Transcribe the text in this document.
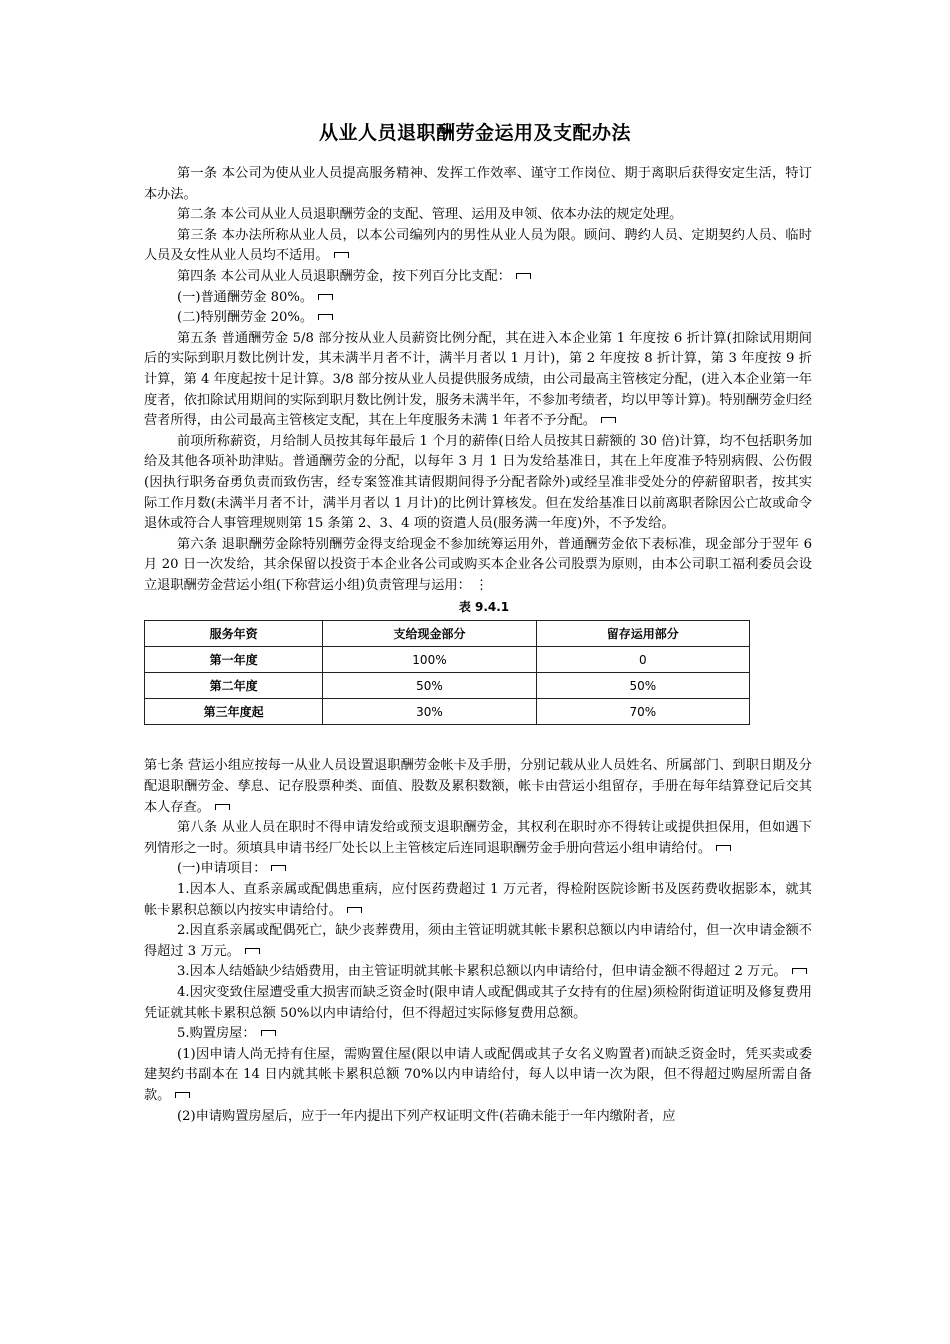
从业人员退职酬劳金运用及支配办法

第一条 本公司为使从业人员提高服务精神、发挥工作效率、谨守工作岗位、期于离职后获得安定生活，特订本办法。

第二条 本公司从业人员退职酬劳金的支配、管理、运用及申领、依本办法的规定处理。

第三条 本办法所称从业人员，以本公司编列内的男性从业人员为限。顾问、聘约人员、定期契约人员、临时人员及女性从业人员均不适用。

第四条 本公司从业人员退职酬劳金，按下列百分比支配：

(一)普通酬劳金 80%。

(二)特别酬劳金 20%。

第五条 普通酬劳金 5/8 部分按从业人员薪资比例分配，其在进入本企业第 1 年度按 6 折计算(扣除试用期间后的实际到职月数比例计发，其未满半月者不计，满半月者以 1 月计)，第 2 年度按 8 折计算，第 3 年度按 9 折计算，第 4 年度起按十足计算。3/8 部分按从业人员提供服务成绩，由公司最高主管核定分配，(进入本企业第一年度者，依扣除试用期间的实际到职月数比例计发，服务未满半年，不参加考绩者，均以甲等计算)。特别酬劳金归经营者所得，由公司最高主管核定支配，其在上年度服务未满 1 年者不予分配。

前项所称薪资，月给制人员按其每年最后 1 个月的薪俸(日给人员按其日薪额的 30 倍)计算，均不包括职务加给及其他各项补助津贴。普通酬劳金的分配，以每年 3 月 1 日为发给基准日，其在上年度准予特别病假、公伤假(因执行职务奋勇负责而致伤害，经专案签准其请假期间得予分配者除外)或经呈准非受处分的停薪留职者，按其实际工作月数(未满半月者不计，满半月者以 1 月计)的比例计算核发。但在发给基准日以前离职者除因公亡故或命令退休或符合人事管理规则第 15 条第 2、3、4 项的资遣人员(服务满一年度)外，不予发给。

第六条 退职酬劳金除特别酬劳金得支给现金不参加统筹运用外，普通酬劳金依下表标准，现金部分于翌年 6 月 20 日一次发给，其余保留以投资于本企业各公司或购买本企业各公司股票为原则，由本公司职工福利委员会设立退职酬劳金营运小组(下称营运小组)负责管理与运用： ⋮

表 9.4.1
服务年资	支给现金部分	留存运用部分
第一年度	100%	0
第二年度	50%	50%
第三年度起	30%	70%

第七条 营运小组应按每一从业人员设置退职酬劳金帐卡及手册，分别记载从业人员姓名、所属部门、到职日期及分配退职酬劳金、孳息、记存股票种类、面值、股数及累积数额，帐卡由营运小组留存，手册在每年结算登记后交其本人存查。

第八条 从业人员在职时不得申请发给或预支退职酬劳金，其权利在职时亦不得转让或提供担保用，但如遇下列情形之一时。须填具申请书经厂处长以上主管核定后连同退职酬劳金手册向营运小组申请给付。

(一)申请项目：

1.因本人、直系亲属或配偶患重病，应付医药费超过 1 万元者，得检附医院诊断书及医药费收据影本，就其帐卡累积总额以内按实申请给付。

2.因直系亲属或配偶死亡，缺少丧葬费用，须由主管证明就其帐卡累积总额以内申请给付，但一次申请金额不得超过 3 万元。

3.因本人结婚缺少结婚费用，由主管证明就其帐卡累积总额以内申请给付，但申请金额不得超过 2 万元。

4.因灾变致住屋遭受重大损害而缺乏资金时(限申请人或配偶或其子女持有的住屋)须检附街道证明及修复费用凭证就其帐卡累积总额 50%以内申请给付，但不得超过实际修复费用总额。

5.购置房屋：

(1)因申请人尚无持有住屋，需购置住屋(限以申请人或配偶或其子女名义购置者)而缺乏资金时，凭买卖或委建契约书副本在 14 日内就其帐卡累积总额 70%以内申请给付，每人以申请一次为限，但不得超过购屋所需自备款。

(2)申请购置房屋后，应于一年内提出下列产权证明文件(若确未能于一年内缴附者，应
